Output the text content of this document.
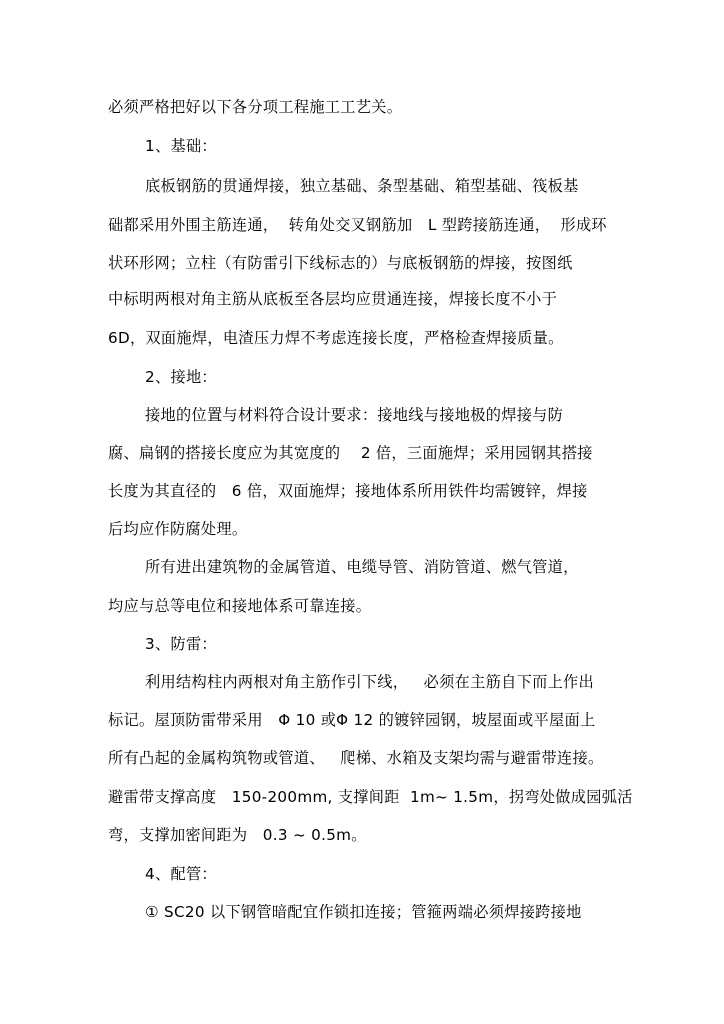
必须严格把好以下各分项工程施工工艺关。
1、基础：
底板钢筋的贯通焊接，独立基础、条型基础、箱型基础、筏板基
础都采用外围主筋连通，  转角处交叉钢筋加   L 型跨接筋连通，  形成环
状环形网；立柱（有防雷引下线标志的）与底板钢筋的焊接，按图纸
中标明两根对角主筋从底板至各层均应贯通连接，焊接长度不小于
6D，双面施焊，电渣压力焊不考虑连接长度，严格检查焊接质量。
2、接地：
接地的位置与材料符合设计要求：接地线与接地极的焊接与防
腐、扁钢的搭接长度应为其宽度的    2 倍，三面施焊；采用园钢其搭接
长度为其直径的   6 倍，双面施焊；接地体系所用铁件均需镀锌，焊接
后均应作防腐处理。
所有进出建筑物的金属管道、电缆导管、消防管道、燃气管道，
均应与总等电位和接地体系可靠连接。
3、防雷：
利用结构柱内两根对角主筋作引下线，   必须在主筋自下而上作出
标记。屋顶防雷带采用   Φ 10 或Φ 12 的镀锌园钢，坡屋面或平屋面上
所有凸起的金属构筑物或管道、   爬梯、水箱及支架均需与避雷带连接。
避雷带支撑高度   150-200mm, 支撑间距  1m~ 1.5m，拐弯处做成园弧活
弯，支撑加密间距为   0.3 ~ 0.5m。
4、配管：
① SC20 以下钢管暗配宜作锁扣连接；管箍两端必须焊接跨接地
